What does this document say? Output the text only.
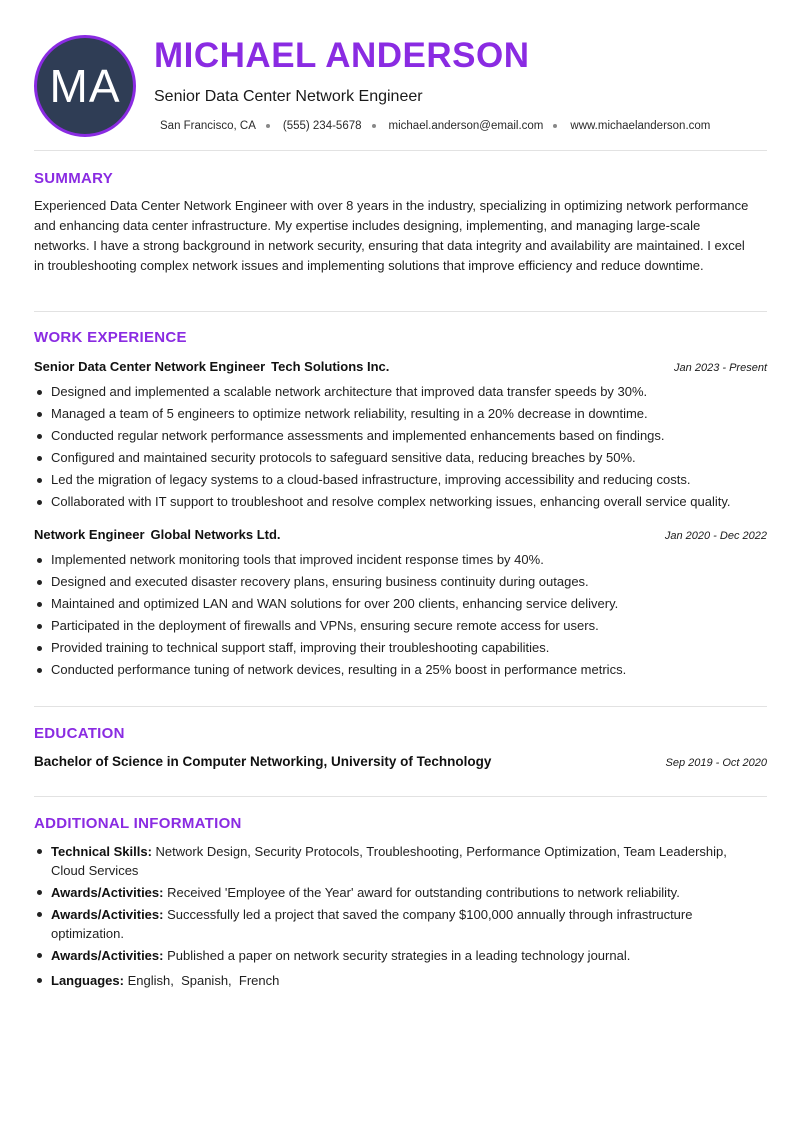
MA
MICHAEL ANDERSON
Senior Data Center Network Engineer
San Francisco, CA (555) 234-5678 michael.anderson@email.com www.michaelanderson.com
SUMMARY

Experienced Data Center Network Engineer with over 8 years in the industry, specializing in optimizing network performance and enhancing data center infrastructure. My expertise includes designing, implementing, and managing large-scale networks. I have a strong background in network security, ensuring that data integrity and availability are maintained. I excel in troubleshooting complex network issues and implementing solutions that improve efficiency and reduce downtime.

WORK EXPERIENCE
Senior Data Center Network Engineer Tech Solutions Inc.	Jan 2023 - Present
Designed and implemented a scalable network architecture that improved data transfer speeds by 30%.
Managed a team of 5 engineers to optimize network reliability, resulting in a 20% decrease in downtime.
Conducted regular network performance assessments and implemented enhancements based on findings.
Configured and maintained security protocols to safeguard sensitive data, reducing breaches by 50%.
Led the migration of legacy systems to a cloud-based infrastructure, improving accessibility and reducing costs.
Collaborated with IT support to troubleshoot and resolve complex networking issues, enhancing overall service quality.
Network Engineer Global Networks Ltd.	Jan 2020 - Dec 2022
Implemented network monitoring tools that improved incident response times by 40%.
Designed and executed disaster recovery plans, ensuring business continuity during outages.
Maintained and optimized LAN and WAN solutions for over 200 clients, enhancing service delivery.
Participated in the deployment of firewalls and VPNs, ensuring secure remote access for users.
Provided training to technical support staff, improving their troubleshooting capabilities.
Conducted performance tuning of network devices, resulting in a 25% boost in performance metrics.
EDUCATION
Bachelor of Science in Computer Networking, University of Technology	Sep 2019 - Oct 2020
ADDITIONAL INFORMATION
Technical Skills: Network Design, Security Protocols, Troubleshooting, Performance Optimization, Team Leadership, Cloud Services
Awards/Activities: Received 'Employee of the Year' award for outstanding contributions to network reliability.
Awards/Activities: Successfully led a project that saved the company $100,000 annually through infrastructure optimization.
Awards/Activities: Published a paper on network security strategies in a leading technology journal.
Languages: English,  Spanish,  French
